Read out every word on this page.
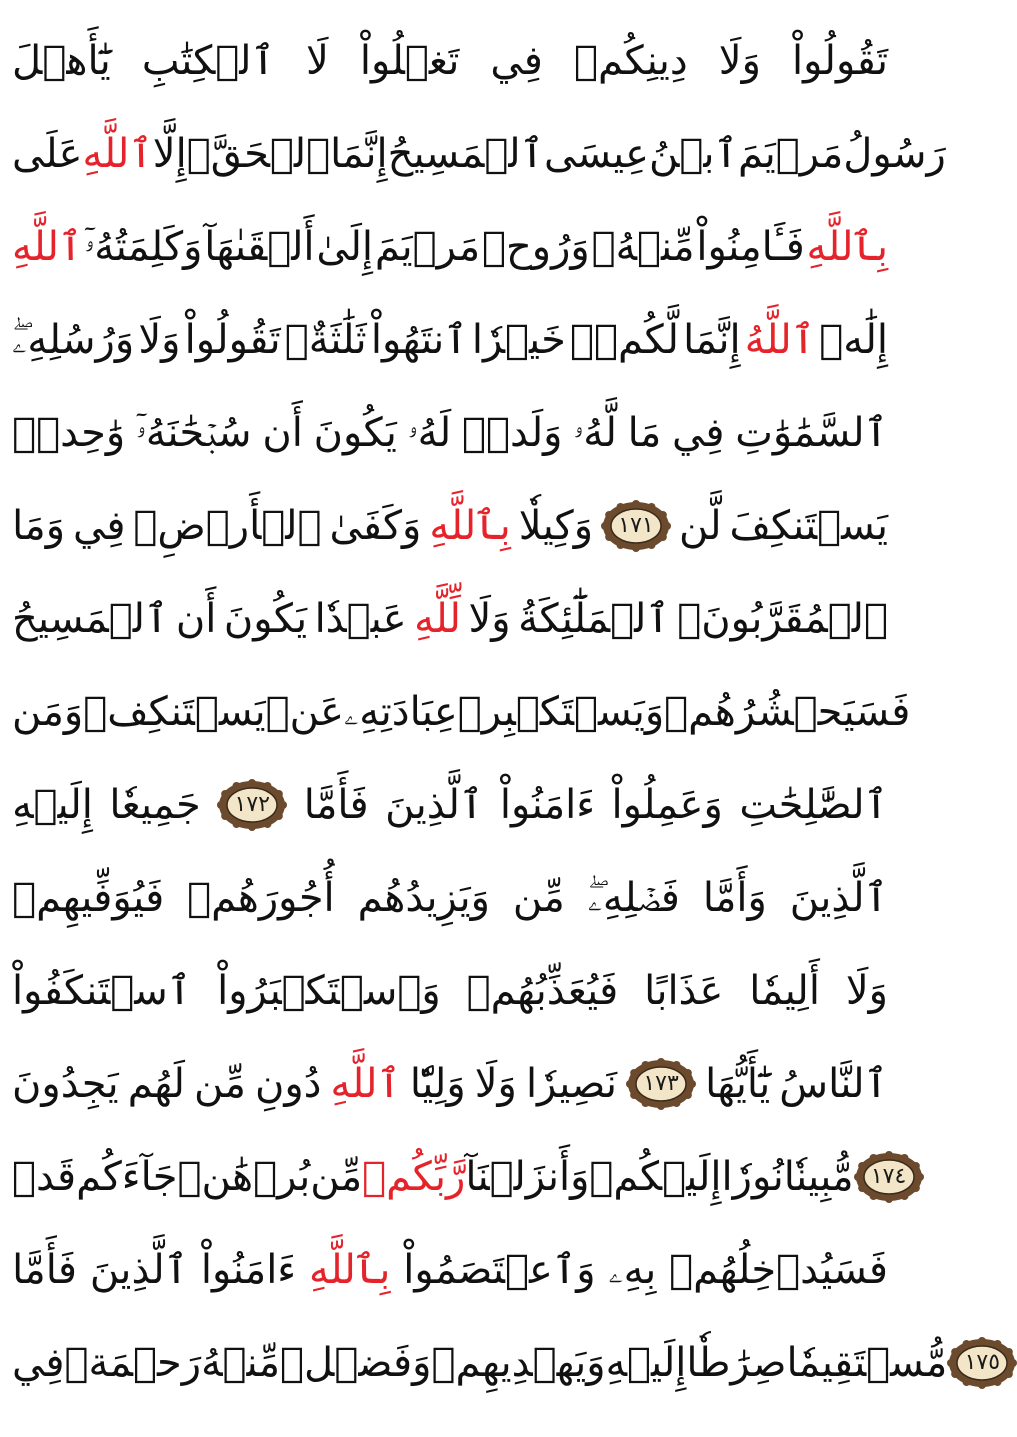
يَٰٓأَهۡلَ ٱلۡكِتَٰبِ لَا تَغۡلُواْ فِي دِينِكُمۡ وَلَا تَقُولُواْ
عَلَى ٱللَّهِ إِلَّا ٱلۡحَقَّۚ إِنَّمَا ٱلۡمَسِيحُ عِيسَى ٱبۡنُ مَرۡيَمَ رَسُولُ
ٱللَّهِ وَكَلِمَتُهُۥٓ أَلۡقَىٰهَآ إِلَىٰ مَرۡيَمَ وَرُوحٞ مِّنۡهُۖ فَـَٔامِنُواْ بِٱللَّهِ
وَرُسُلِهِۦۖ وَلَا تَقُولُواْ ثَلَٰثَةٌۚ ٱنتَهُواْ خَيۡرٗا لَّكُمۡۚ إِنَّمَا ٱللَّهُ إِلَٰهٞ
وَٰحِدٞۖ سُبۡحَٰنَهُۥٓ أَن يَكُونَ لَهُۥ وَلَدٞۘ لَّهُۥ مَا فِي ٱلسَّمَٰوَٰتِ
وَمَا فِي ٱلۡأَرۡضِۗ وَكَفَىٰ بِٱللَّهِ وَكِيلٗا	١٧١ لَّن يَسۡتَنكِفَ
ٱلۡمَسِيحُ أَن يَكُونَ عَبۡدٗا لِّلَّهِ وَلَا ٱلۡمَلَٰٓئِكَةُ ٱلۡمُقَرَّبُونَۚ
وَمَن يَسۡتَنكِفۡ عَنۡ عِبَادَتِهِۦ وَيَسۡتَكۡبِرۡ فَسَيَحۡشُرُهُمۡ
إِلَيۡهِ جَمِيعٗا	١٧٢ فَأَمَّا ٱلَّذِينَ ءَامَنُواْ وَعَمِلُواْ ٱلصَّٰلِحَٰتِ
فَيُوَفِّيهِمۡ أُجُورَهُمۡ وَيَزِيدُهُم مِّن فَضۡلِهِۦۖ وَأَمَّا ٱلَّذِينَ
ٱسۡتَنكَفُواْ وَٱسۡتَكۡبَرُواْ فَيُعَذِّبُهُمۡ عَذَابًا أَلِيمٗا وَلَا
يَجِدُونَ لَهُم مِّن دُونِ ٱللَّهِ وَلِيّٗا وَلَا نَصِيرٗا	١٧٣ يَٰٓأَيُّهَا ٱلنَّاسُ
قَدۡ جَآءَكُم بُرۡهَٰنٞ مِّن رَّبِّكُمۡ وَأَنزَلۡنَآ إِلَيۡكُمۡ نُورٗا مُّبِينٗا ١٧٤
فَأَمَّا ٱلَّذِينَ ءَامَنُواْ بِٱللَّهِ وَٱعۡتَصَمُواْ بِهِۦ فَسَيُدۡخِلُهُمۡ
فِي رَحۡمَةٖ مِّنۡهُ وَفَضۡلٖ وَيَهۡدِيهِمۡ إِلَيۡهِ صِرَٰطٗا مُّسۡتَقِيمٗا ١٧٥
